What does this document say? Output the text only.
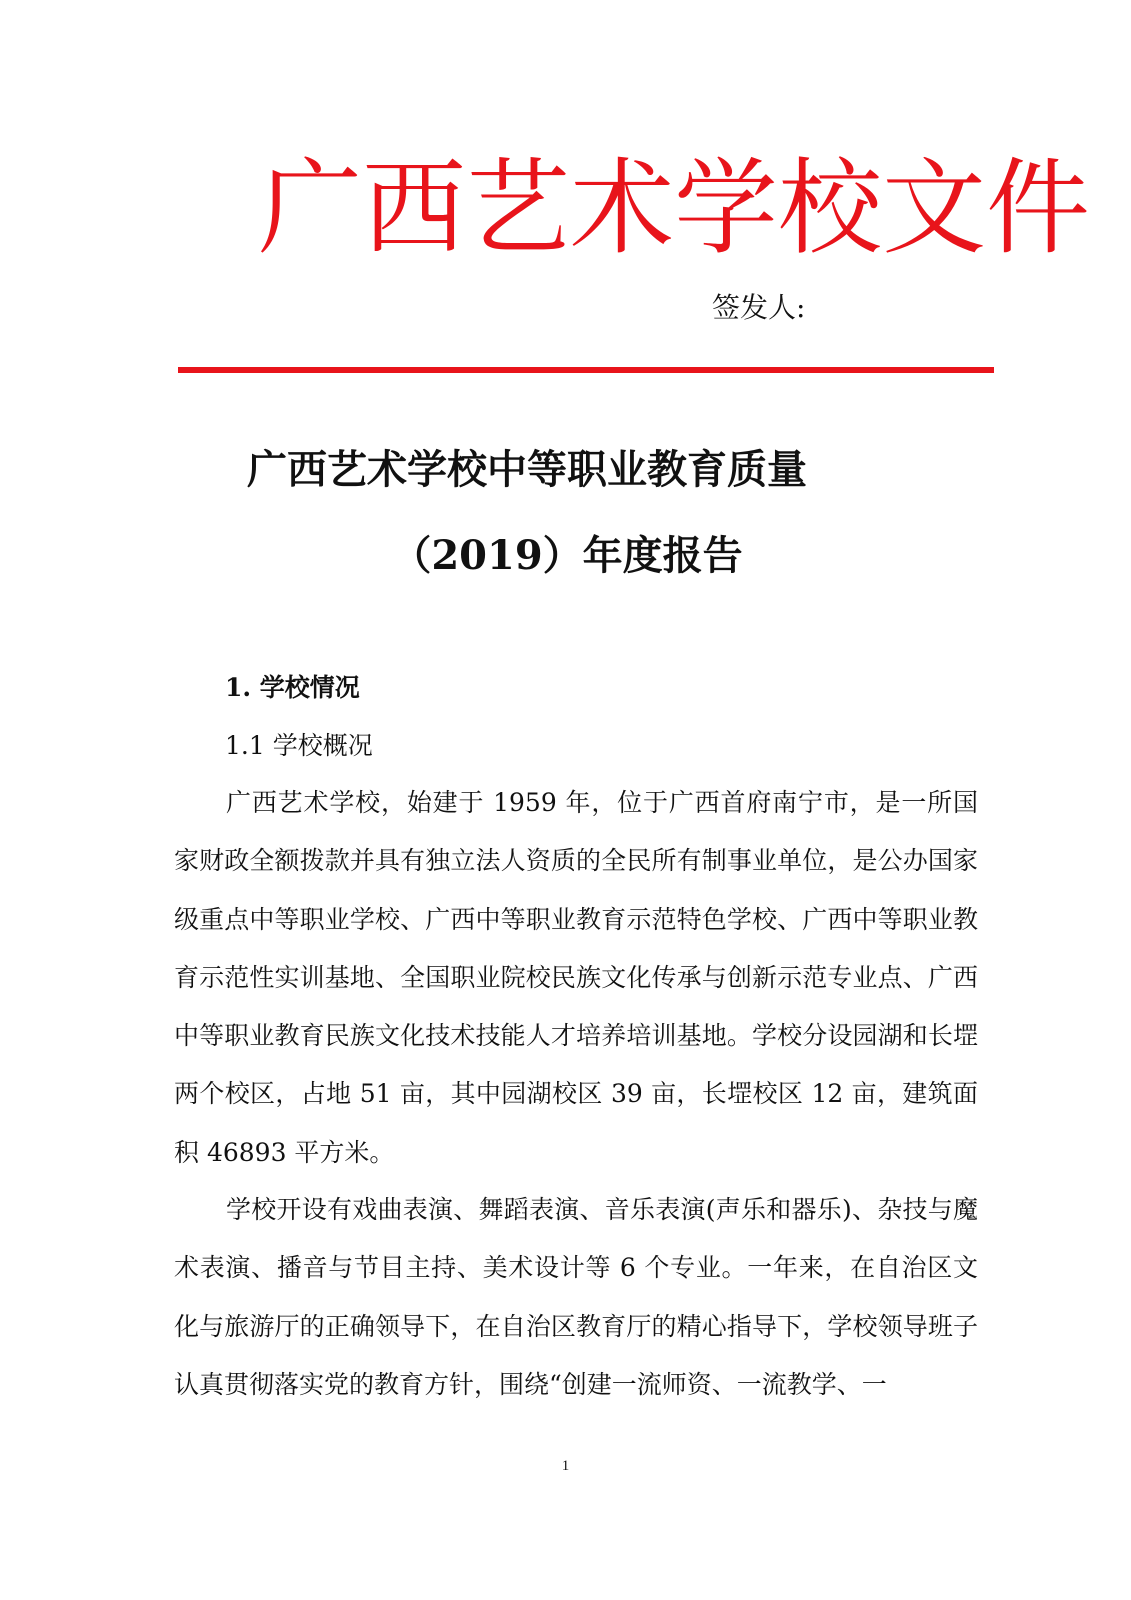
广西艺术学校文件
签发人:
广西艺术学校中等职业教育质量
（2019）年度报告
1. 学校情况
1.1 学校概况

广西艺术学校，始建于 1959 年，位于广西首府南宁市，是一所国家财政全额拨款并具有独立法人资质的全民所有制事业单位，是公办国家级重点中等职业学校、广西中等职业教育示范特色学校、广西中等职业教育示范性实训基地、全国职业院校民族文化传承与创新示范专业点、广西中等职业教育民族文化技术技能人才培养培训基地。学校分设园湖和长堽两个校区，占地 51 亩，其中园湖校区 39 亩，长堽校区 12 亩，建筑面积 46893 平方米。

学校开设有戏曲表演、舞蹈表演、音乐表演(声乐和器乐)、杂技与魔术表演、播音与节目主持、美术设计等 6 个专业。一年来，在自治区文化与旅游厅的正确领导下，在自治区教育厅的精心指导下，学校领导班子认真贯彻落实党的教育方针，围绕“创建一流师资、一流教学、一

1
